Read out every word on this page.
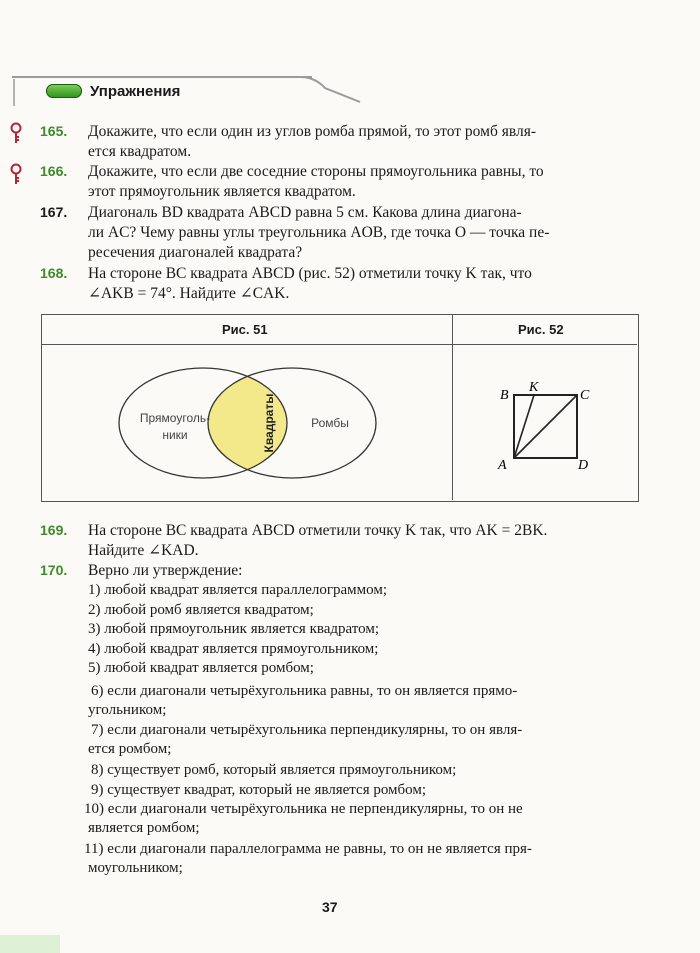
Упражнения
165. Докажите, что если один из углов ромба прямой, то этот ромб явля-
ется квадратом.
166. Докажите, что если две соседние стороны прямоугольника равны, то
этот прямоугольник является квадратом.
167. Диагональ BD квадрата ABCD равна 5 см. Какова длина диагона-
ли AC? Чему равны углы треугольника AOB, где точка O — точка пе-
ресечения диагоналей квадрата?
168. На стороне BC квадрата ABCD (рис. 52) отметили точку K так, что
∠AKB = 74°. Найдите ∠CAK.
Рис. 51	Рис. 52
Прямоуголь-
ники
Ромбы
Квадраты	B
K
C
A	D
169. На стороне BC квадрата ABCD отметили точку K так, что AK = 2BK.
Найдите ∠KAD.
170. Верно ли утверждение:
1) любой квадрат является параллелограммом;
2) любой ромб является квадратом;
3) любой прямоугольник является квадратом;
4) любой квадрат является прямоугольником;
5) любой квадрат является ромбом;
6) если диагонали четырёхугольника равны, то он является прямо-
угольником;
7) если диагонали четырёхугольника перпендикулярны, то он явля-
ется ромбом;
8) существует ромб, который является прямоугольником;
9) существует квадрат, который не является ромбом;
10) если диагонали четырёхугольника не перпендикулярны, то он не
является ромбом;
11) если диагонали параллелограмма не равны, то он не является пря-
моугольником;
37
